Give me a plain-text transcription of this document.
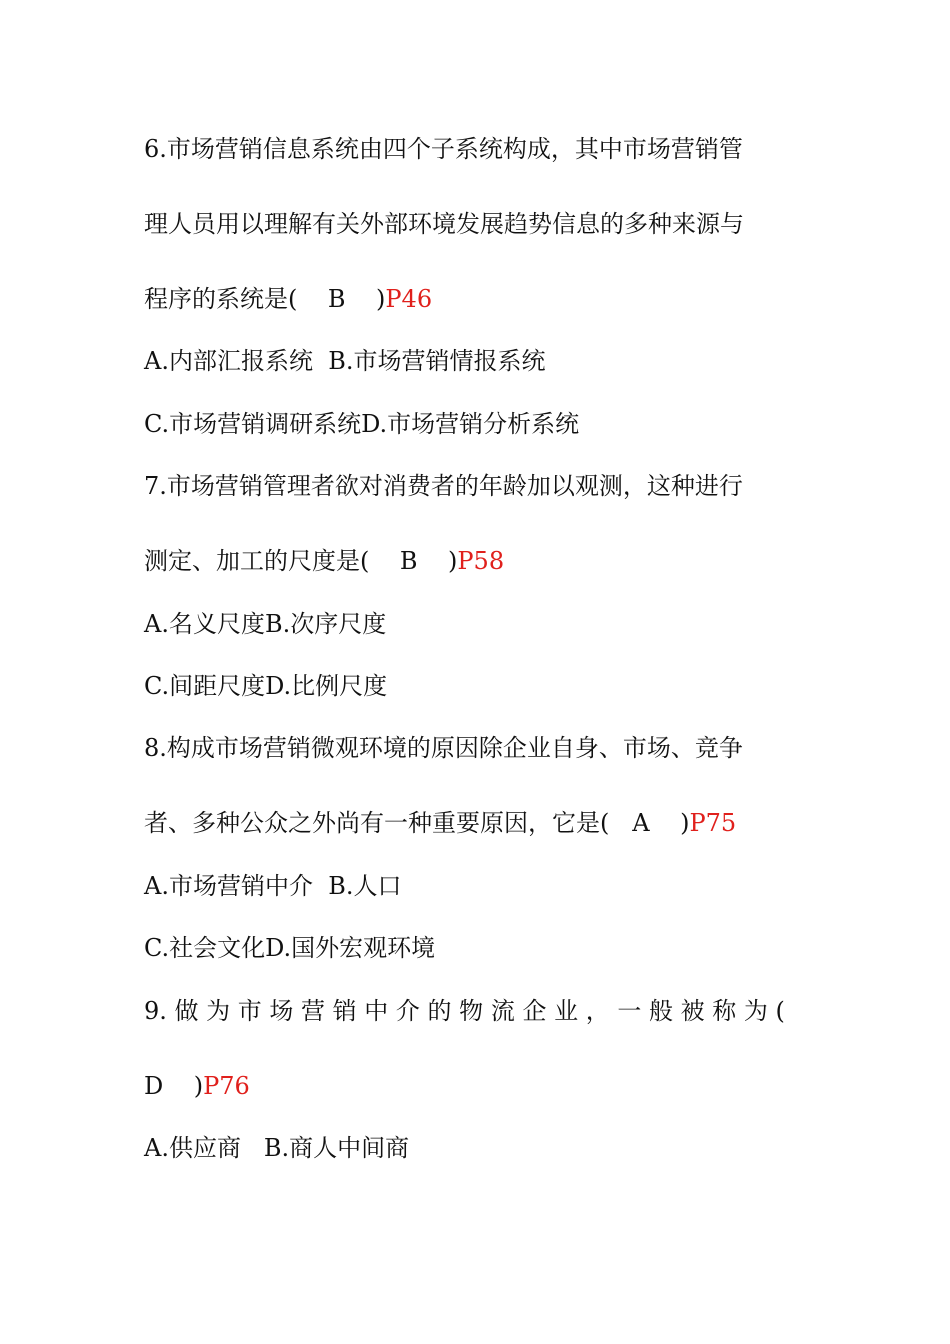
6.市场营销信息系统由四个子系统构成，其中市场营销管
理人员用以理解有关外部环境发展趋势信息的多种来源与
程序的系统是(    B    )P46
A.内部汇报系统  B.市场营销情报系统
C.市场营销调研系统D.市场营销分析系统
7.市场营销管理者欲对消费者的年龄加以观测，这种进行
测定、加工的尺度是(    B    )P58
A.名义尺度B.次序尺度
C.间距尺度D.比例尺度
8.构成市场营销微观环境的原因除企业自身、市场、竞争
者、多种公众之外尚有一种重要原因，它是(   A    )P75
A.市场营销中介  B.人口
C.社会文化D.国外宏观环境
9. 做 为 市 场 营 销 中 介 的 物 流 企 业 ， 一 般 被 称 为 (
D    )P76
A.供应商   B.商人中间商
